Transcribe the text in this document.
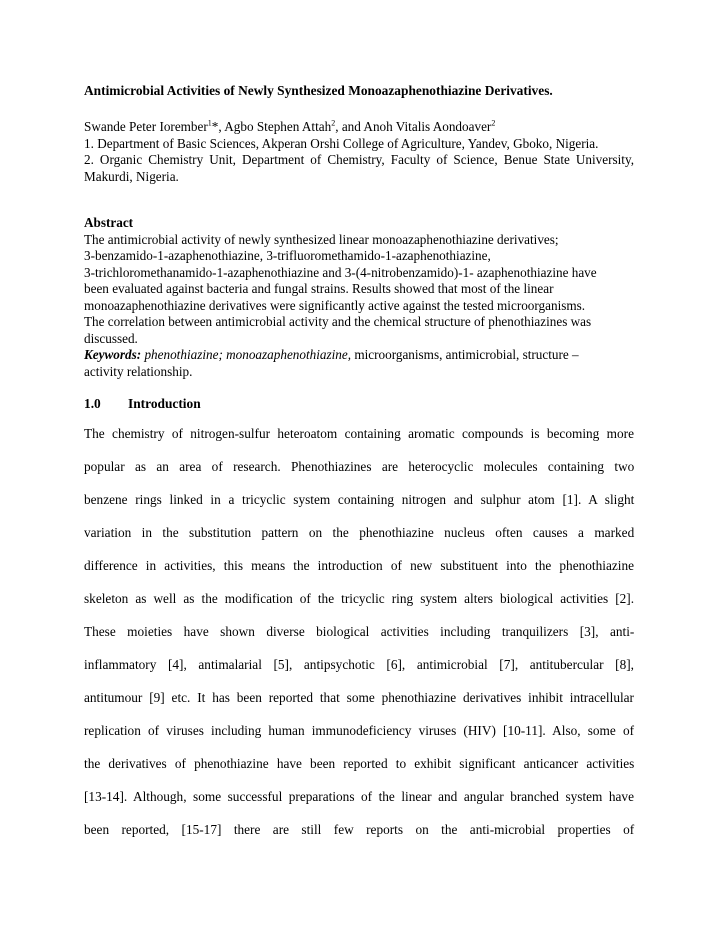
Antimicrobial Activities of Newly Synthesized Monoazaphenothiazine Derivatives.
Swande Peter Iorember$^1$*, Agbo Stephen Attah$^2$, and Anoh Vitalis Aondoaver$^2$
1. Department of Basic Sciences, Akperan Orshi College of Agriculture, Yandev, Gboko, Nigeria.
2. Organic Chemistry Unit, Department of Chemistry, Faculty of Science, Benue State University, Makurdi, Nigeria.
Abstract
The antimicrobial activity of newly synthesized linear monoazaphenothiazine derivatives;
3-benzamido-1-azaphenothiazine, 3-trifluoromethamido-1-azaphenothiazine,
3-trichloromethanamido-1-azaphenothiazine and 3-(4-nitrobenzamido)-1- azaphenothiazine have
been evaluated against bacteria and fungal strains. Results showed that most of the linear
monoazaphenothiazine derivatives were significantly active against the tested microorganisms.
The correlation between antimicrobial activity and the chemical structure of phenothiazines was
discussed.
Keywords: phenothiazine; monoazaphenothiazine, microorganisms, antimicrobial, structure –
activity relationship.
1.0 Introduction
The chemistry of nitrogen-sulfur heteroatom containing aromatic compounds is becoming more
popular as an area of research. Phenothiazines are heterocyclic molecules containing two
benzene rings linked in a tricyclic system containing nitrogen and sulphur atom [1]. A slight
variation in the substitution pattern on the phenothiazine nucleus often causes a marked
difference in activities, this means the introduction of new substituent into the phenothiazine
skeleton as well as the modification of the tricyclic ring system alters biological activities [2].
These moieties have shown diverse biological activities including tranquilizers [3], anti-
inflammatory [4], antimalarial [5], antipsychotic [6], antimicrobial [7], antitubercular [8],
antitumour [9] etc. It has been reported that some phenothiazine derivatives inhibit intracellular
replication of viruses including human immunodeficiency viruses (HIV) [10-11]. Also, some of
the derivatives of phenothiazine have been reported to exhibit significant anticancer activities
[13-14]. Although, some successful preparations of the linear and angular branched system have
been reported, [15-17] there are still few reports on the anti-microbial properties of
